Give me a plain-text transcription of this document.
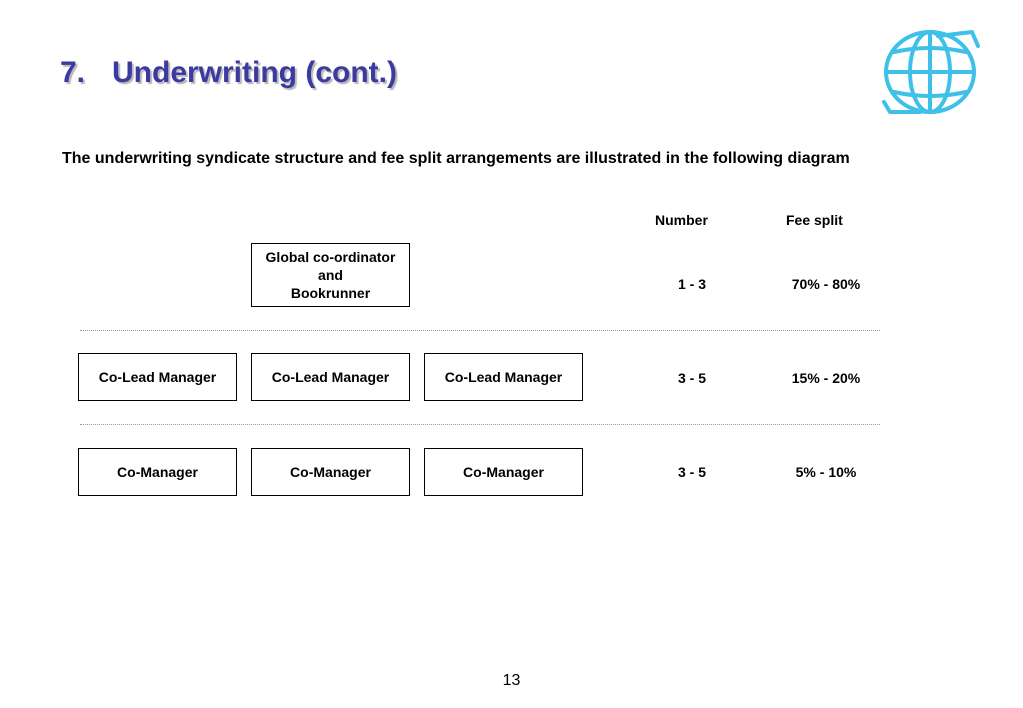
7. Underwriting (cont.)

The underwriting syndicate structure and fee split arrangements are illustrated in the following diagram

Number	Fee split
Global co-ordinator
and
Bookrunner
1 - 3	70% - 80%
Co-Lead Manager	Co-Lead Manager	Co-Lead Manager	3 - 5	15% - 20%
Co-Manager	Co-Manager	Co-Manager	3 - 5	5% - 10%
13
